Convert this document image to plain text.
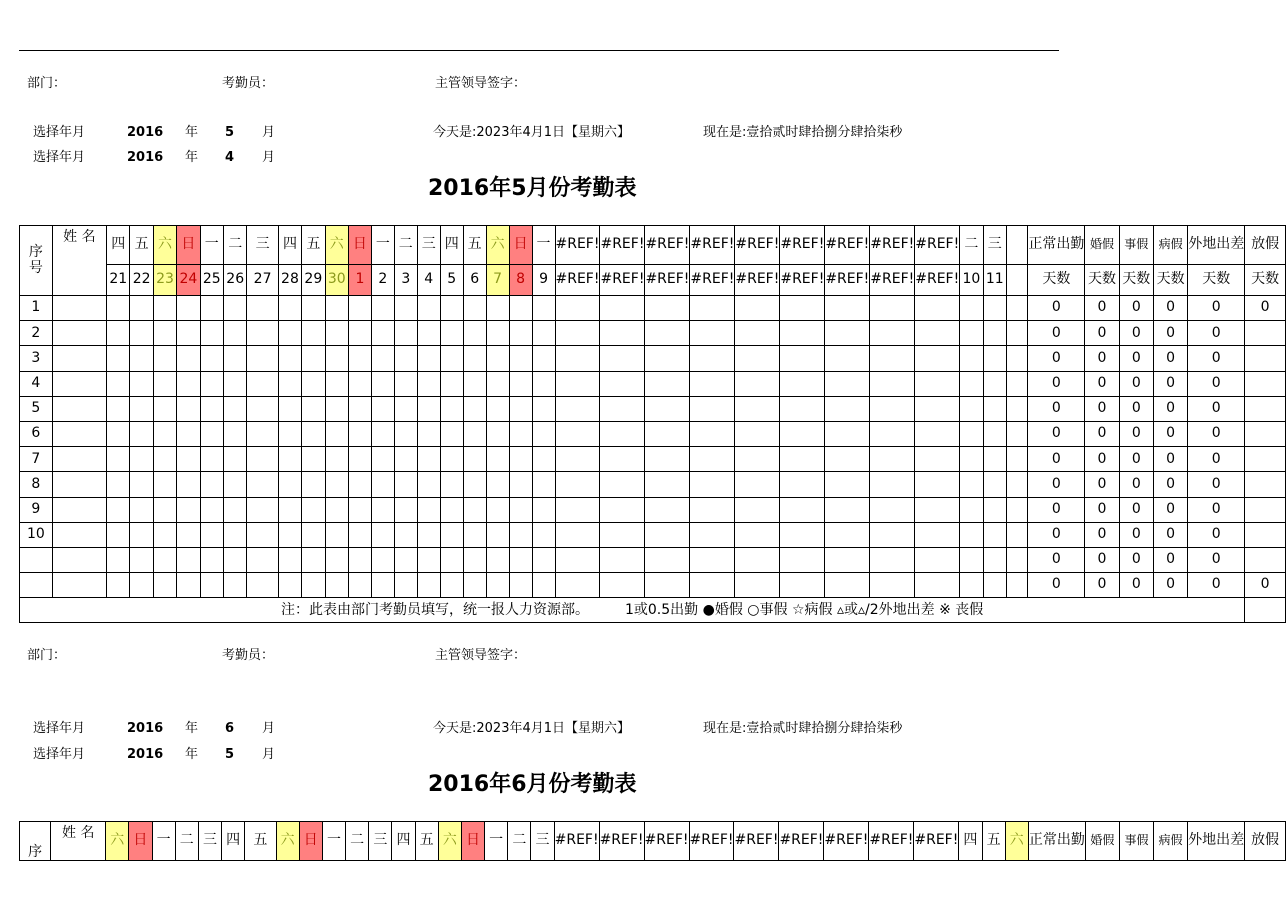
部门：	考勤员：	主管领导签字：
选择年月	2016 年 5 月	今天是:2023年4月1日【星期六】	现在是:壹拾贰时肆拾捌分肆拾柒秒
选择年月	2016 年 4 月
2016年5月份考勤表
序号	姓 名	四	五	六	日	一	二	三	四	五	六	日	一	二	三	四	五	六	日	一	#REF!	#REF!	#REF!	#REF!	#REF!	#REF!	#REF!	#REF!	#REF!	二	三		正常出勤	婚假	事假	病假	外地出差	放假
		21	22	23	24	25	26	27	28	29	30	1	2	3	4	5	6	7	8	9	#REF!	#REF!	#REF!	#REF!	#REF!	#REF!	#REF!	#REF!	#REF!	10	11		天数	天数	天数	天数	天数	天数
1																																	0	0	0	0	0	0
2																																	0	0	0	0	0	
3																																	0	0	0	0	0	
4																																	0	0	0	0	0	
5																																	0	0	0	0	0	
6																																	0	0	0	0	0	
7																																	0	0	0	0	0	
8																																	0	0	0	0	0	
9																																	0	0	0	0	0	
10																																	0	0	0	0	0	
																																	0	0	0	0	0	
																																	0	0	0	0	0	0
注：此表由部门考勤员填写，统一报人力资源部。 1或0.5出勤 ●婚假 ○事假 ☆病假 ▵或▵/2外地出差 ※ 丧假																																						
部门：	考勤员：	主管领导签字：
选择年月	2016 年 6 月	今天是:2023年4月1日【星期六】	现在是:壹拾贰时肆拾捌分肆拾柒秒
选择年月	2016 年 5 月
2016年6月份考勤表
序	姓 名	六	日	一	二	三	四	五	六	日	一	二	三	四	五	六	日	一	二	三	#REF!	#REF!	#REF!	#REF!	#REF!	#REF!	#REF!	#REF!	#REF!	四	五	六	正常出勤	婚假	事假	病假	外地出差	放假
